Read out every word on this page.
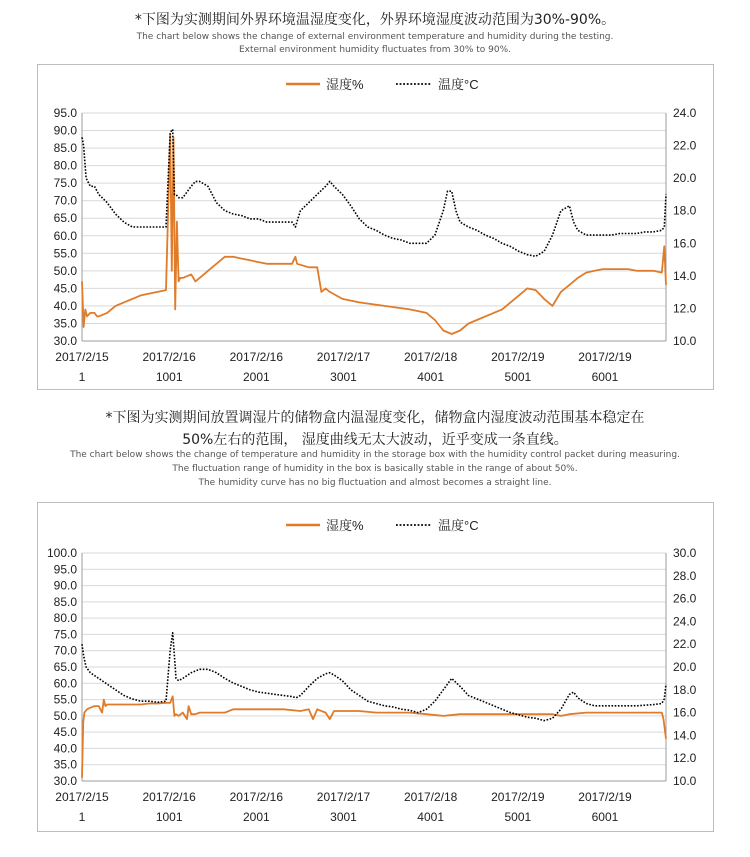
*下图为实测期间外界环境温湿度变化，外界环境湿度波动范围为30%-90%。
The chart below shows the change of external environment temperature and humidity during the testing.
External environment humidity fluctuates from 30% to 90%.
95.0
90.0
85.0
80.0
75.0
70.0
65.0
60.0
55.0
50.0
45.0
40.0
35.0
30.0
24.0
22.0
20.0
18.0
16.0
14.0
12.0
10.0
2017/2/15
1
2017/2/16
1001
2017/2/16
2001
2017/2/17
3001
2017/2/18
4001
2017/2/19
5001
2017/2/19
6001
湿度%	温度°C
*下图为实测期间放置调湿片的储物盒内温湿度变化，储物盒内湿度波动范围基本稳定在
50%左右的范围， 湿度曲线无太大波动，近乎变成一条直线。
The chart below shows the change of temperature and humidity in the storage box with the humidity control packet during measuring.
The fluctuation range of humidity in the box is basically stable in the range of about 50%.
The humidity curve has no big fluctuation and almost becomes a straight line.
100.0
95.0
90.0
85.0
80.0
75.0
70.0
65.0
60.0
55.0
50.0
45.0
40.0
35.0
30.0
30.0
28.0
26.0
24.0
22.0
20.0
18.0
16.0
14.0
12.0
10.0
2017/2/15
1
2017/2/16
1001
2017/2/16
2001
2017/2/17
3001
2017/2/18
4001
2017/2/19
5001
2017/2/19
6001
湿度%	温度°C
